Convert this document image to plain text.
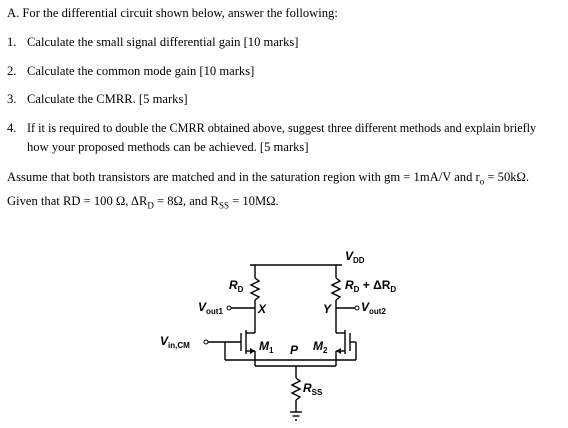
A. For the differential circuit shown below, answer the following:
1. Calculate the small signal differential gain [10 marks]
2. Calculate the common mode gain [10 marks]
3. Calculate the CMRR. [5 marks]
4. If it is required to double the CMRR obtained above, suggest three different methods and explain briefly
how your proposed methods can be achieved. [5 marks]
Assume that both transistors are matched and in the saturation region with gm = 1mA/V and $r_o = 50k\Omega$.
Given that RD = 100 Ω, $\Delta R_D = 8\Omega$, and $R_{SS} = 10M\Omega$.
$V_{DD}$
$R_D$	$R_D + \Delta R_D$
$V_{out1}$	$V_{out2}$
X	Y
$V_{in,CM}$	$M_1$	$M_2$
P
$R_{SS}$
